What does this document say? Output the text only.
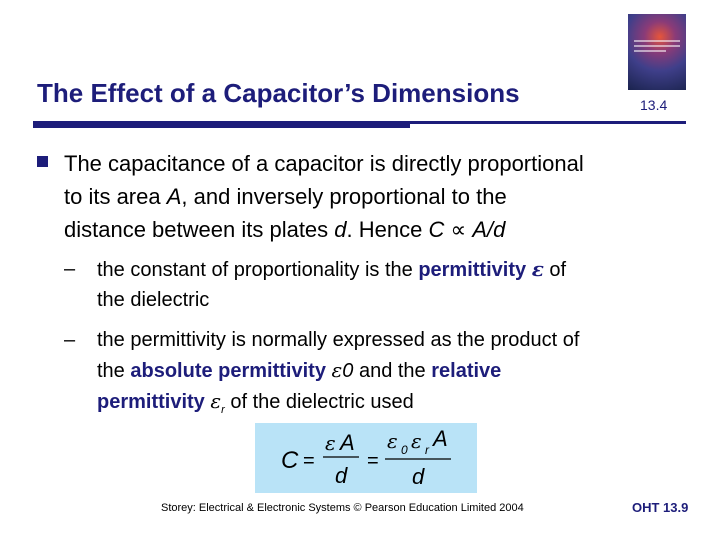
The Effect of a Capacitor’s Dimensions	13.4
The capacitance of a capacitor is directly proportional
to its area A, and inversely proportional to the
distance between its plates d. Hence C ∝ A/d
–	the constant of proportionality is the permittivity ε of
the dielectric
–	the permittivity is normally expressed as the product of
the absolute permittivity ε0 and the relative
permittivity $\varepsilon_r$ of the dielectric used
C =
ε A
d
=
ε 0 ε r A
d
Storey: Electrical & Electronic Systems © Pearson Education Limited 2004	OHT 13.9
